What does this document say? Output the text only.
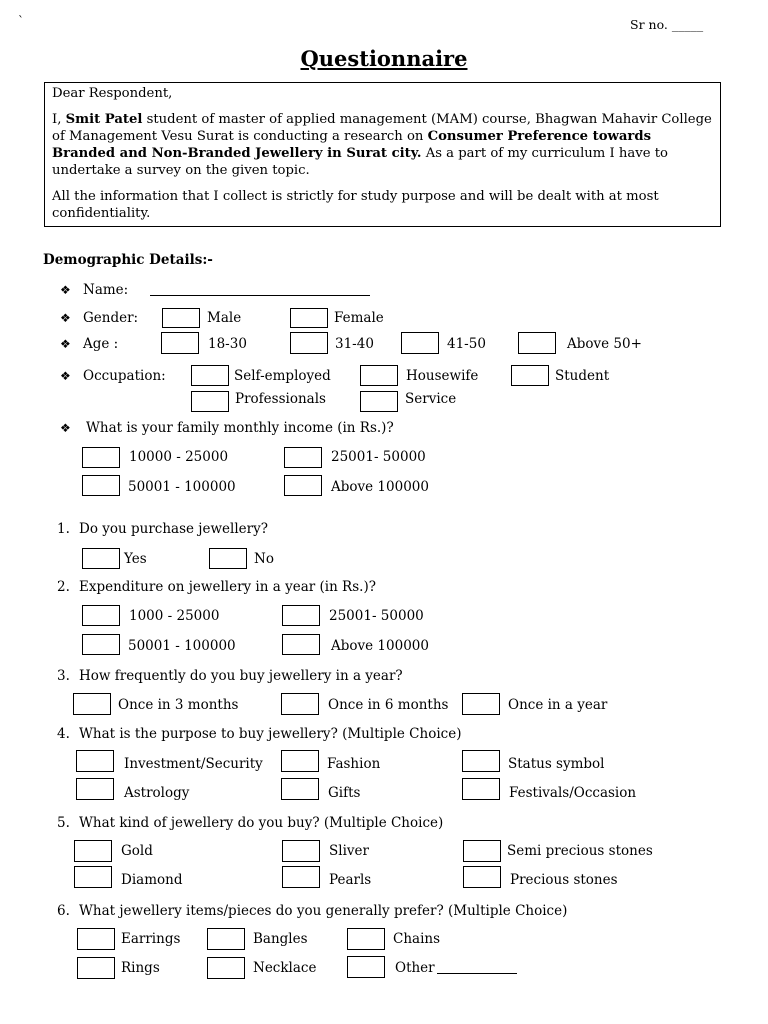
`	Sr no. _____
Questionnaire

Dear Respondent,

I, Smit Patel student of master of applied management (MAM) course, Bhagwan Mahavir College of Management Vesu Surat is conducting a research on Consumer Preference towards Branded and Non-Branded Jewellery in Surat city. As a part of my curriculum I have to undertake a survey on the given topic.

All the information that I collect is strictly for study purpose and will be dealt with at most confidentiality.

Demographic Details:-
❖ Name:
❖ Gender:	Male	Female
❖ Age :	18-30	31-40	41-50	Above 50+
❖ Occupation:	Self-employed	Housewife	Student
Professionals	Service
❖ What is your family monthly income (in Rs.)?
10000 - 25000	25001- 50000
50001 - 100000	Above 100000
1. Do you purchase jewellery?
Yes	No
2. Expenditure on jewellery in a year (in Rs.)?
1000 - 25000	25001- 50000
50001 - 100000	Above 100000
3. How frequently do you buy jewellery in a year?
Once in 3 months	Once in 6 months	Once in a year
4. What is the purpose to buy jewellery? (Multiple Choice)
Investment/Security	Fashion	Status symbol
Astrology	Gifts	Festivals/Occasion
5. What kind of jewellery do you buy? (Multiple Choice)
Gold	Sliver	Semi precious stones
Diamond	Pearls	Precious stones
6. What jewellery items/pieces do you generally prefer? (Multiple Choice)
Earrings	Bangles	Chains
Rings	Necklace	Other
